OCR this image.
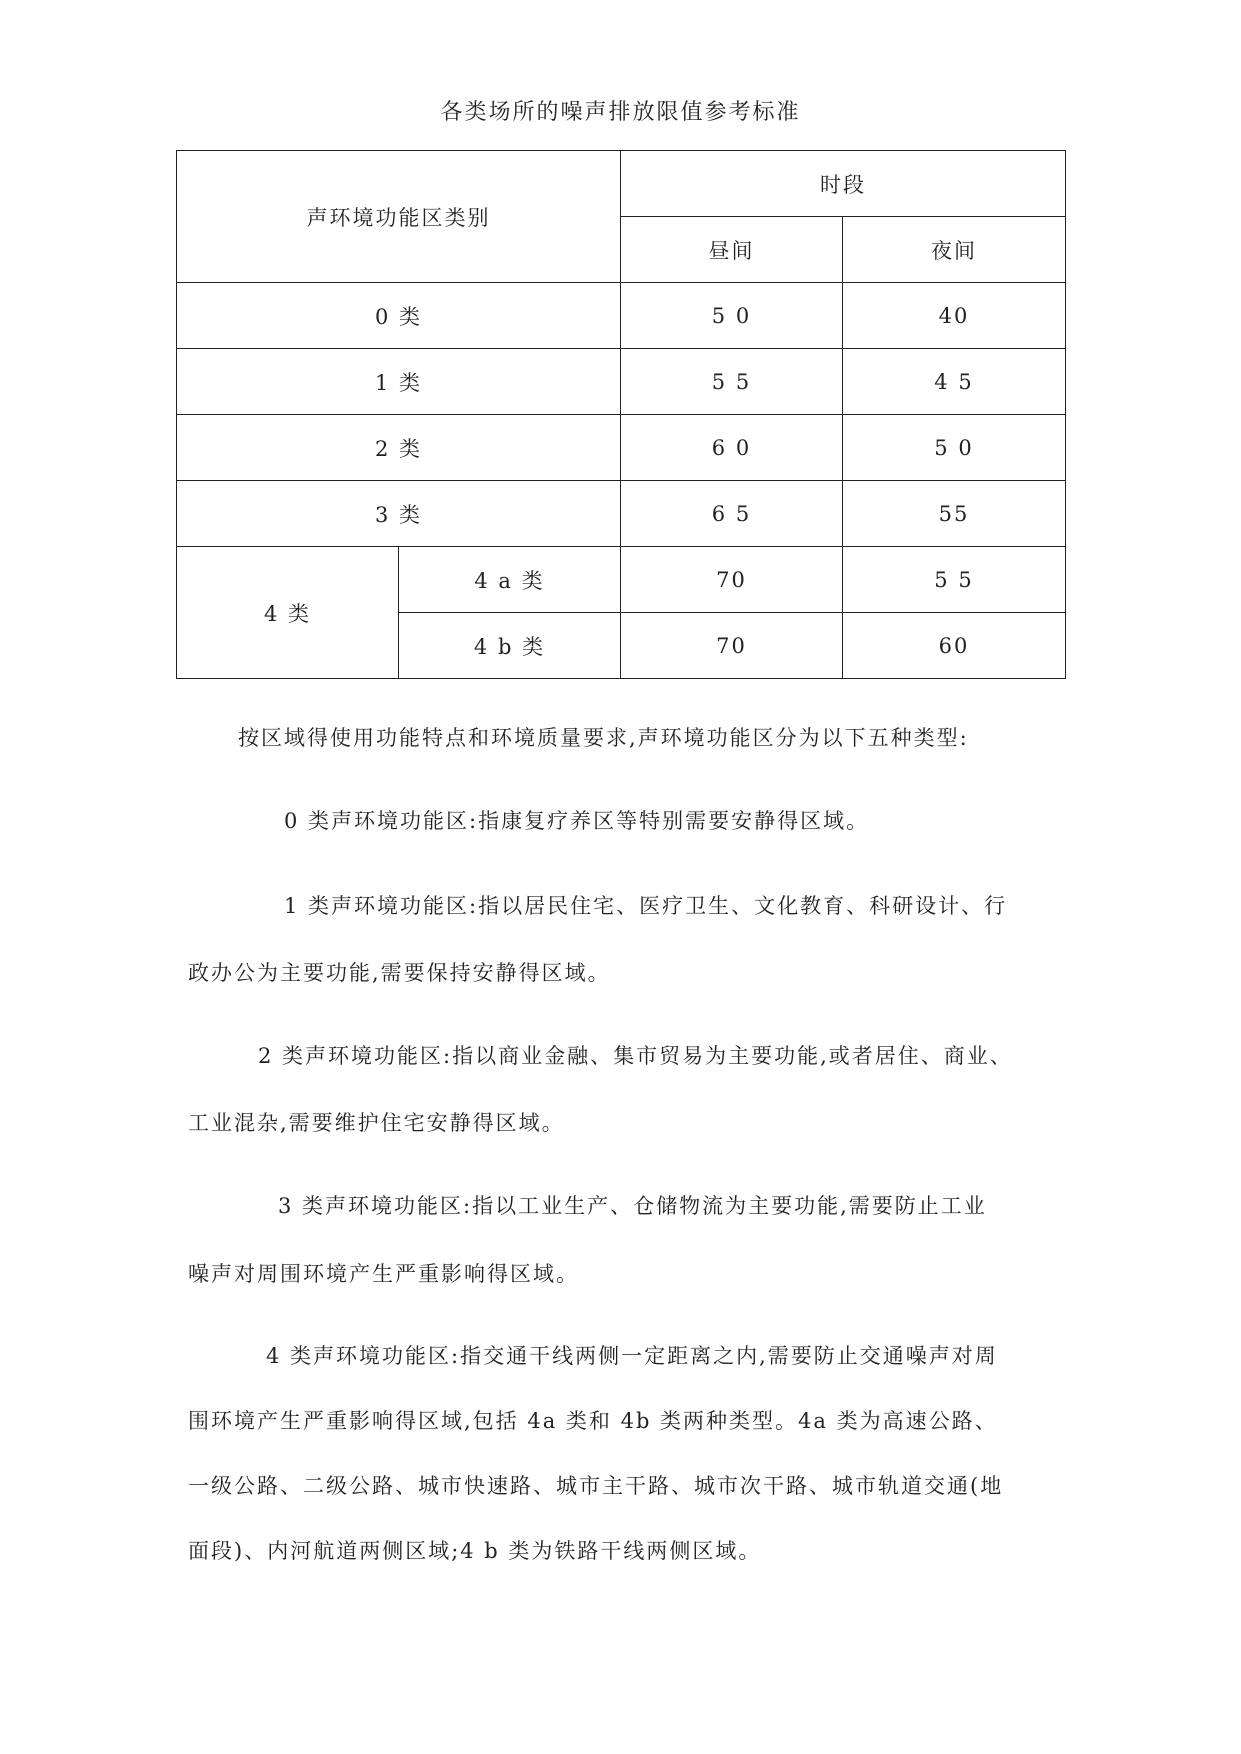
各类场所的噪声排放限值参考标准
声环境功能区类别		时段	
		昼间	夜间
0 类		5 0	40
1 类		5 5	4 5
2 类		6 0	5 0
3 类		6 5	55
4 类	4 a 类	70	5 5
	4 b 类	70	60
按区域得使用功能特点和环境质量要求,声环境功能区分为以下五种类型:
0 类声环境功能区:指康复疗养区等特别需要安静得区域。
1 类声环境功能区:指以居民住宅、医疗卫生、文化教育、科研设计、行
政办公为主要功能,需要保持安静得区域。
2 类声环境功能区:指以商业金融、集市贸易为主要功能,或者居住、商业、
工业混杂,需要维护住宅安静得区域。
3 类声环境功能区:指以工业生产、仓储物流为主要功能,需要防止工业
噪声对周围环境产生严重影响得区域。
4 类声环境功能区:指交通干线两侧一定距离之内,需要防止交通噪声对周
围环境产生严重影响得区域,包括 4a 类和 4b 类两种类型。4a 类为高速公路、
一级公路、二级公路、城市快速路、城市主干路、城市次干路、城市轨道交通(地
面段)、内河航道两侧区域;4 b 类为铁路干线两侧区域。
